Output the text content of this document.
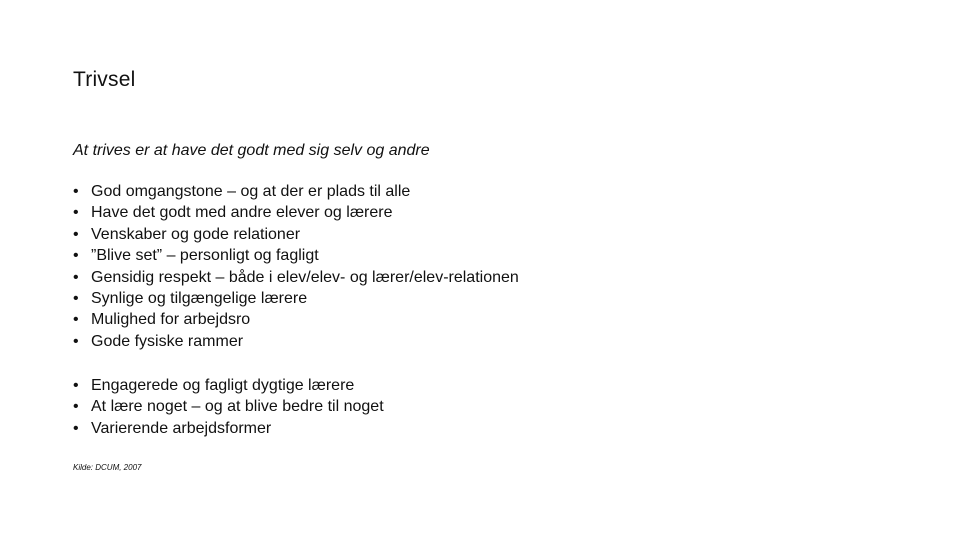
Trivsel
At trives er at have det godt med sig selv og andre
• God omgangstone – og at der er plads til alle
• Have det godt med andre elever og lærere
• Venskaber og gode relationer
• ”Blive set” – personligt og fagligt
• Gensidig respekt – både i elev/elev- og lærer/elev-relationen
• Synlige og tilgængelige lærere
• Mulighed for arbejdsro
• Gode fysiske rammer
• Engagerede og fagligt dygtige lærere
• At lære noget – og at blive bedre til noget
• Varierende arbejdsformer
Kilde: DCUM, 2007
